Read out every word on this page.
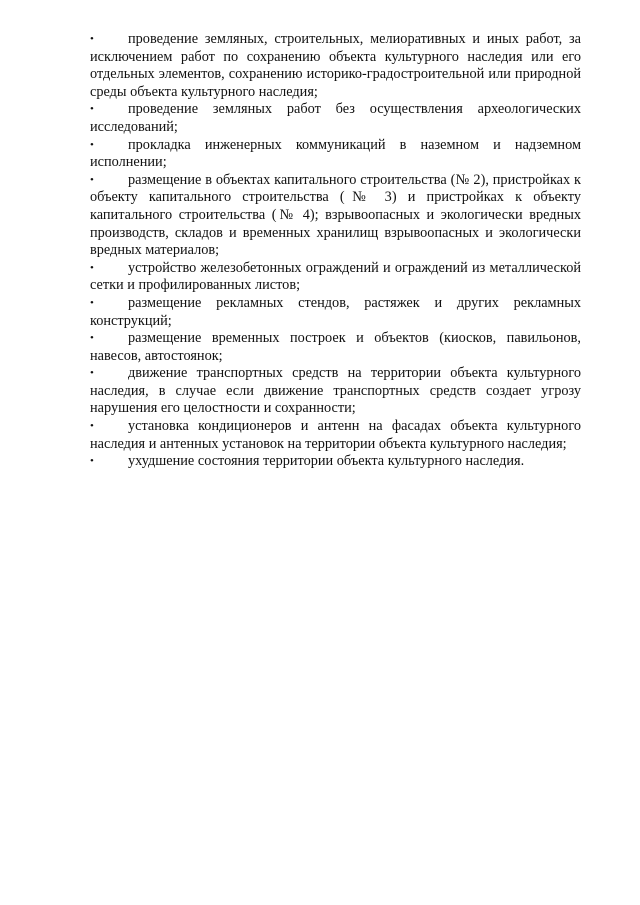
• проведение земляных, строительных, мелиоративных и иных работ, за исключением работ по сохранению объекта культурного наследия или его отдельных элементов, сохранению историко-градостроительной или природной среды объекта культурного наследия;

• проведение земляных работ без осуществления археологических исследований;

• прокладка инженерных коммуникаций в наземном и надземном исполнении;

• размещение в объектах капитального строительства (№ 2), пристройках к объекту капитального строительства (№ 3) и пристройках к объекту капитального строительства (№ 4); взрывоопасных и экологически вредных производств, складов и временных хранилищ взрывоопасных и экологически вредных материалов;

• устройство железобетонных ограждений и ограждений из металлической сетки и профилированных листов;

• размещение рекламных стендов, растяжек и других рекламных конструкций;

• размещение временных построек и объектов (киосков, павильонов, навесов, автостоянок;

• движение транспортных средств на территории объекта культурного наследия, в случае если движение транспортных средств создает угрозу нарушения его целостности и сохранности;

• установка кондиционеров и антенн на фасадах объекта культурного наследия и антенных установок на территории объекта культурного наследия;

• ухудшение состояния территории объекта культурного наследия.
